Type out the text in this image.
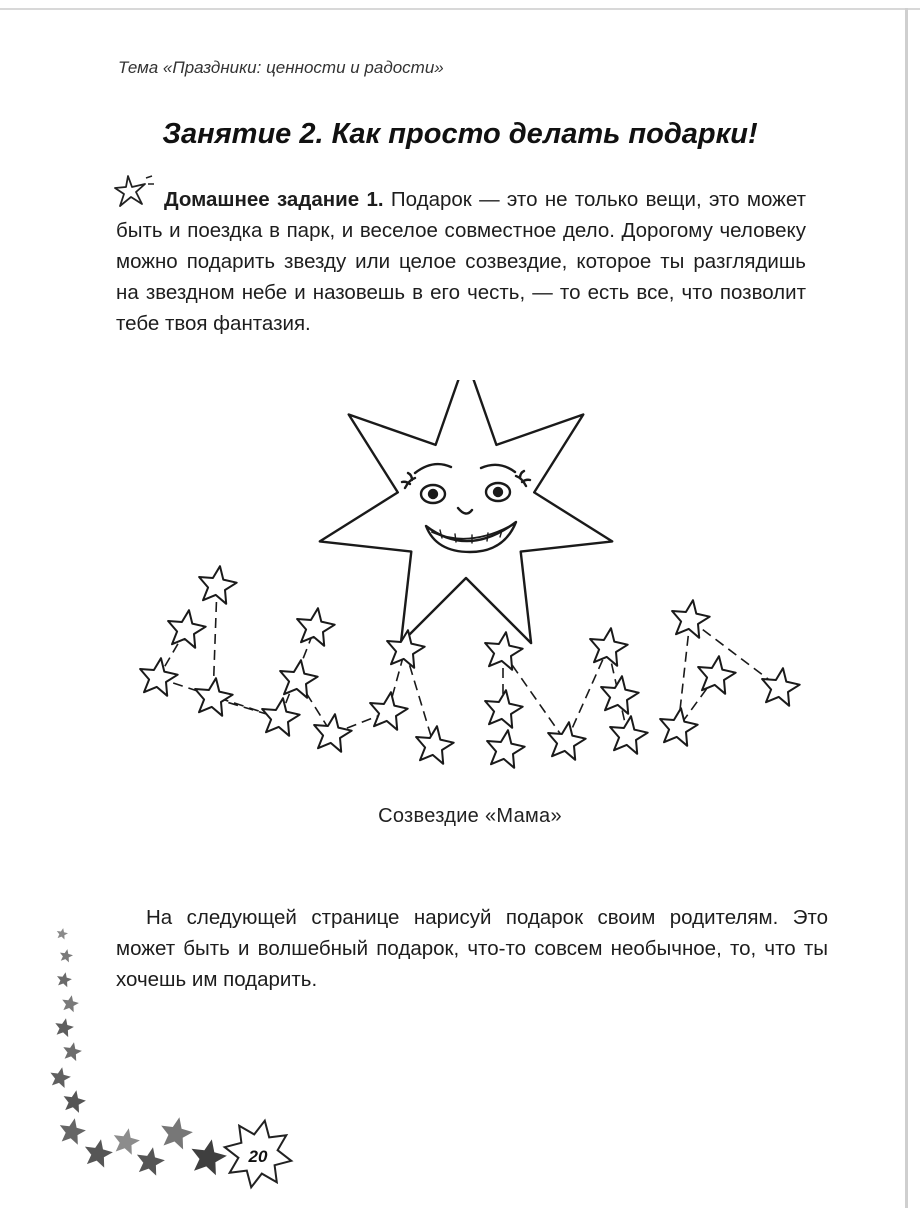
Тема «Праздники: ценности и радости»
Занятие 2. Как просто делать подарки!
Домашнее задание 1. Подарок — это не только вещи, это может быть и поездка в парк, и веселое совместное дело. Дорогому человеку можно подарить звезду или целое созвездие, которое ты разглядишь на звездном небе и назовешь в его честь, — то есть все, что позволит тебе твоя фантазия.
Созвездие «Мама»
На следующей странице нарисуй подарок своим родителям. Это может быть и волшебный подарок, что-то совсем необычное, то, что ты хочешь им подарить.
20
